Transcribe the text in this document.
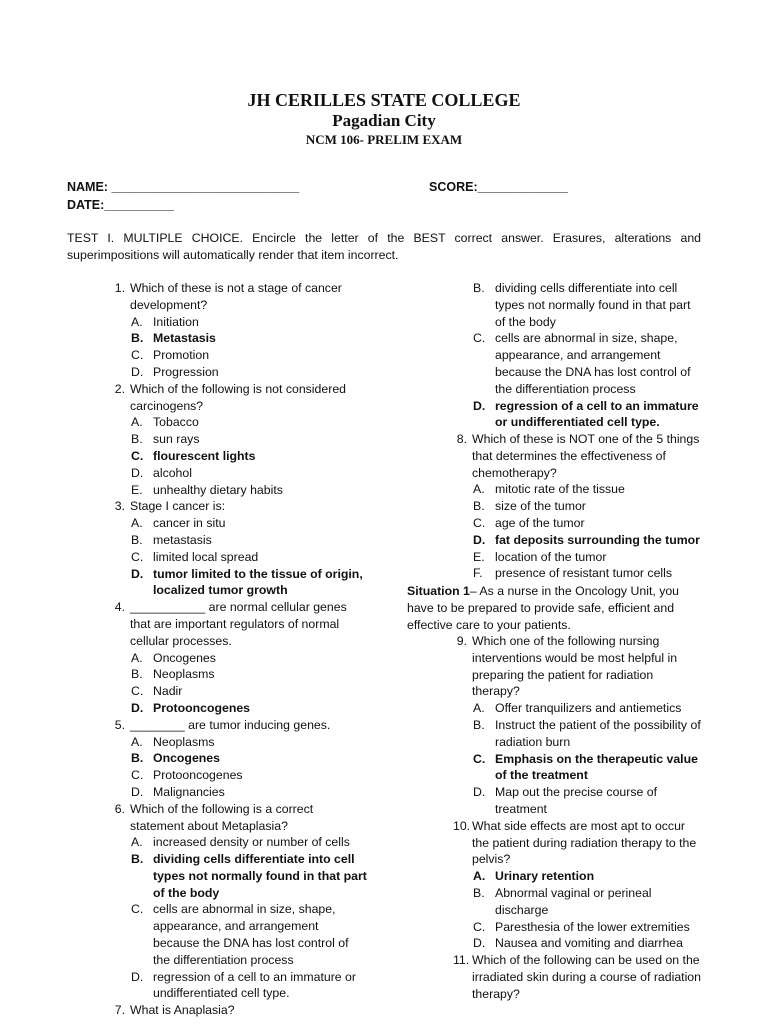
JH CERILLES STATE COLLEGE
Pagadian City
NCM 106- PRELIM EXAM
NAME: ___________________________	SCORE:_____________
DATE:__________
TEST I. MULTIPLE CHOICE. Encircle the letter of the BEST correct answer. Erasures, alterations and superimpositions will automatically render that item incorrect.
1. Which of these is not a stage of cancer development?
A. Initiation
B. Metastasis
C. Promotion
D. Progression
2. Which of the following is not considered carcinogens?
A. Tobacco
B. sun rays
C. flourescent lights
D. alcohol
E. unhealthy dietary habits
3. Stage I cancer is:
A. cancer in situ
B. metastasis
C. limited local spread
D. tumor limited to the tissue of origin, localized tumor growth
4. ___________ are normal cellular genes that are important regulators of normal cellular processes.
A. Oncogenes
B. Neoplasms
C. Nadir
D. Protooncogenes
5. ________ are tumor inducing genes.
A. Neoplasms
B. Oncogenes
C. Protooncogenes
D. Malignancies
6. Which of the following is a correct statement about Metaplasia?
A. increased density or number of cells
B. dividing cells differentiate into cell types not normally found in that part of the body
C. cells are abnormal in size, shape, appearance, and arrangement because the DNA has lost control of the differentiation process
D. regression of a cell to an immature or undifferentiated cell type.
7. What is Anaplasia?
B. dividing cells differentiate into cell types not normally found in that part of the body
C. cells are abnormal in size, shape, appearance, and arrangement because the DNA has lost control of the differentiation process
D. regression of a cell to an immature or undifferentiated cell type.
8. Which of these is NOT one of the 5 things that determines the effectiveness of chemotherapy?
A. mitotic rate of the tissue
B. size of the tumor
C. age of the tumor
D. fat deposits surrounding the tumor
E. location of the tumor
F. presence of resistant tumor cells
Situation 1– As a nurse in the Oncology Unit, you have to be prepared to provide safe, efficient and effective care to your patients.
9. Which one of the following nursing interventions would be most helpful in preparing the patient for radiation therapy?
A. Offer tranquilizers and antiemetics
B. Instruct the patient of the possibility of radiation burn
C. Emphasis on the therapeutic value of the treatment
D. Map out the precise course of treatment
10. What side effects are most apt to occur the patient during radiation therapy to the pelvis?
A. Urinary retention
B. Abnormal vaginal or perineal discharge
C. Paresthesia of the lower extremities
D. Nausea and vomiting and diarrhea
11. Which of the following can be used on the irradiated skin during a course of radiation therapy?
